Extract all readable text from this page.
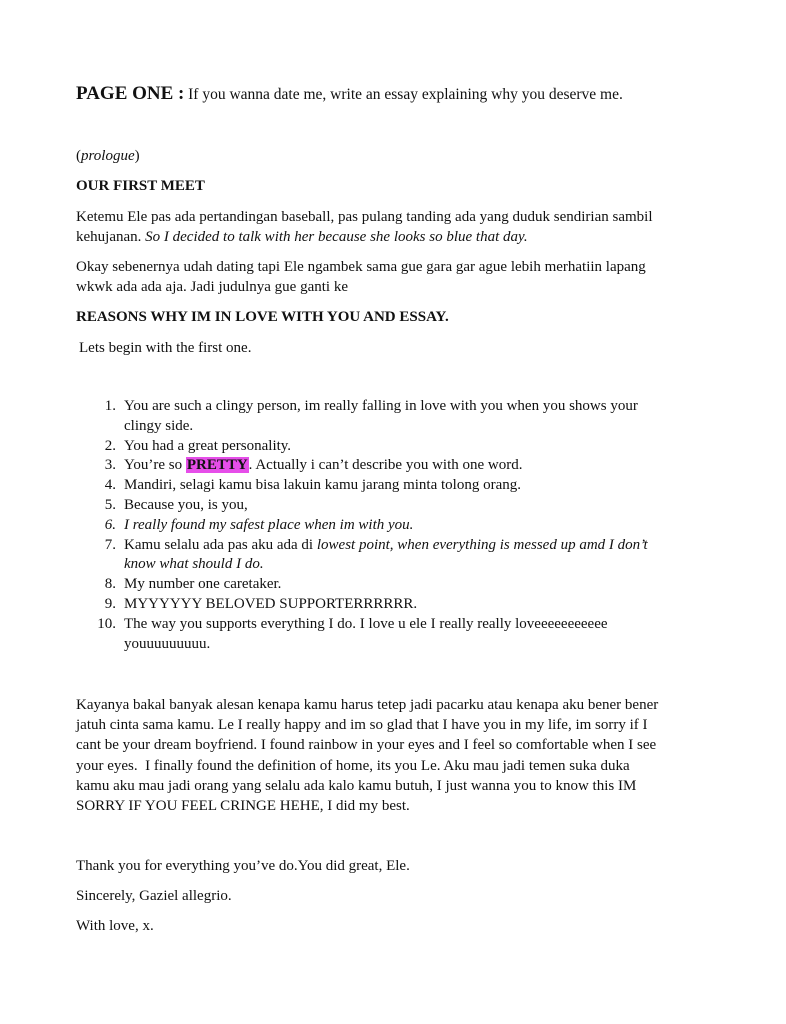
PAGE ONE : If you wanna date me, write an essay explaining why you deserve me.

(prologue)

OUR FIRST MEET

Ketemu Ele pas ada pertandingan baseball, pas pulang tanding ada yang duduk sendirian sambil

kehujanan. So I decided to talk with her because she looks so blue that day.

Okay sebenernya udah dating tapi Ele ngambek sama gue gara gar ague lebih merhatiin lapang

wkwk ada ada aja. Jadi judulnya gue ganti ke

REASONS WHY IM IN LOVE WITH YOU AND ESSAY.

Lets begin with the first one.

1. You are such a clingy person, im really falling in love with you when you shows your
clingy side.
2. You had a great personality.
3. You’re so PRETTY. Actually i can’t describe you with one word.
4. Mandiri, selagi kamu bisa lakuin kamu jarang minta tolong orang.
5. Because you, is you,
6. I really found my safest place when im with you.
7. Kamu selalu ada pas aku ada di lowest point, when everything is messed up amd I don’t
know what should I do.
8. My number one caretaker.
9. MYYYYYY BELOVED SUPPORTERRRRRR.
10. The way you supports everything I do. I love u ele I really really loveeeeeeeeeee
youuuuuuuuu.
Kayanya bakal banyak alesan kenapa kamu harus tetep jadi pacarku atau kenapa aku bener bener
jatuh cinta sama kamu. Le I really happy and im so glad that I have you in my life, im sorry if I
cant be your dream boyfriend. I found rainbow in your eyes and I feel so comfortable when I see
your eyes.  I finally found the definition of home, its you Le. Aku mau jadi temen suka duka
kamu aku mau jadi orang yang selalu ada kalo kamu butuh, I just wanna you to know this IM
SORRY IF YOU FEEL CRINGE HEHE, I did my best.

Thank you for everything you’ve do.You did great, Ele.

Sincerely, Gaziel allegrio.

With love, x.
